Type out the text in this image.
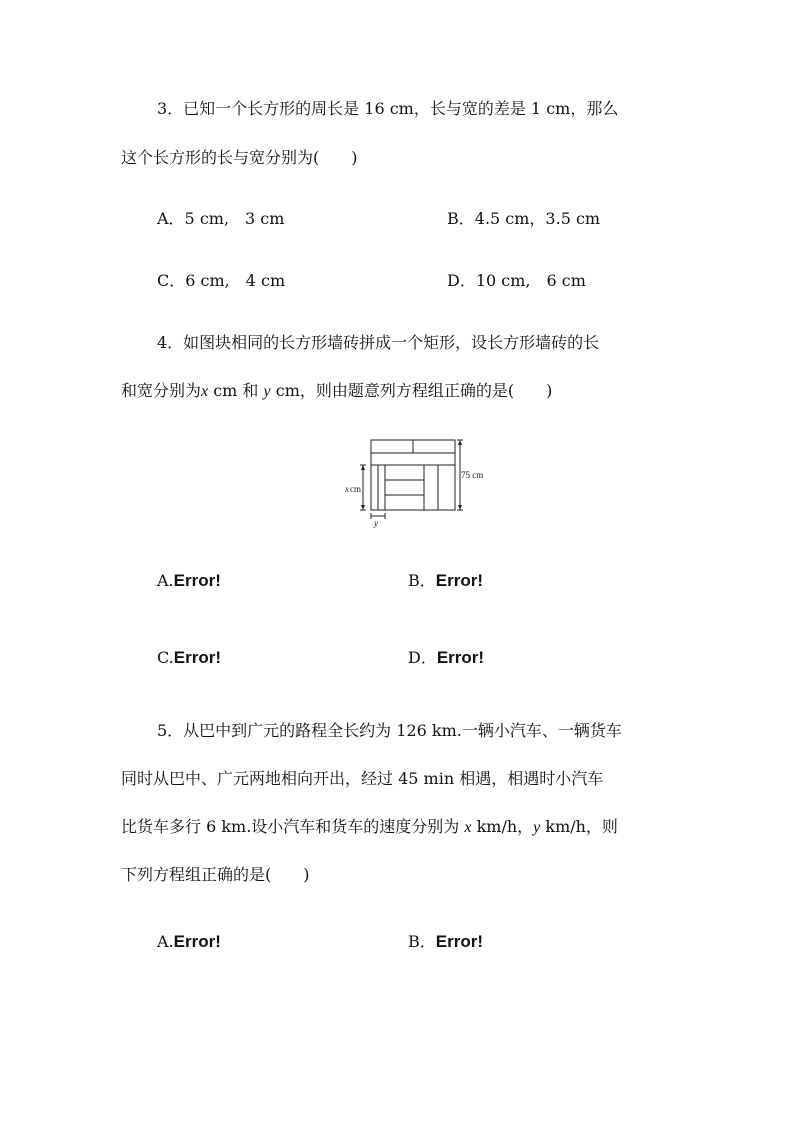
3．已知一个长方形的周长是 16 cm，长与宽的差是 1 cm，那么
这个长方形的长与宽分别为(　　)
A．5 cm,　3 cm	B．4.5 cm，3.5 cm
C．6 cm,　4 cm	D．10 cm,　6 cm
4．如图块相同的长方形墙砖拼成一个矩形，设长方形墙砖的长
和宽分别为x cm 和 y cm，则由题意列方程组正确的是(　　)
75 cm
xcm
y
A.Error!	B．Error!
C.Error!	D．Error!
5．从巴中到广元的路程全长约为 126 km.一辆小汽车、一辆货车
同时从巴中、广元两地相向开出，经过 45 min 相遇，相遇时小汽车
比货车多行 6 km.设小汽车和货车的速度分别为 x km/h，y km/h，则
下列方程组正确的是(　　)
A.Error!	B．Error!
